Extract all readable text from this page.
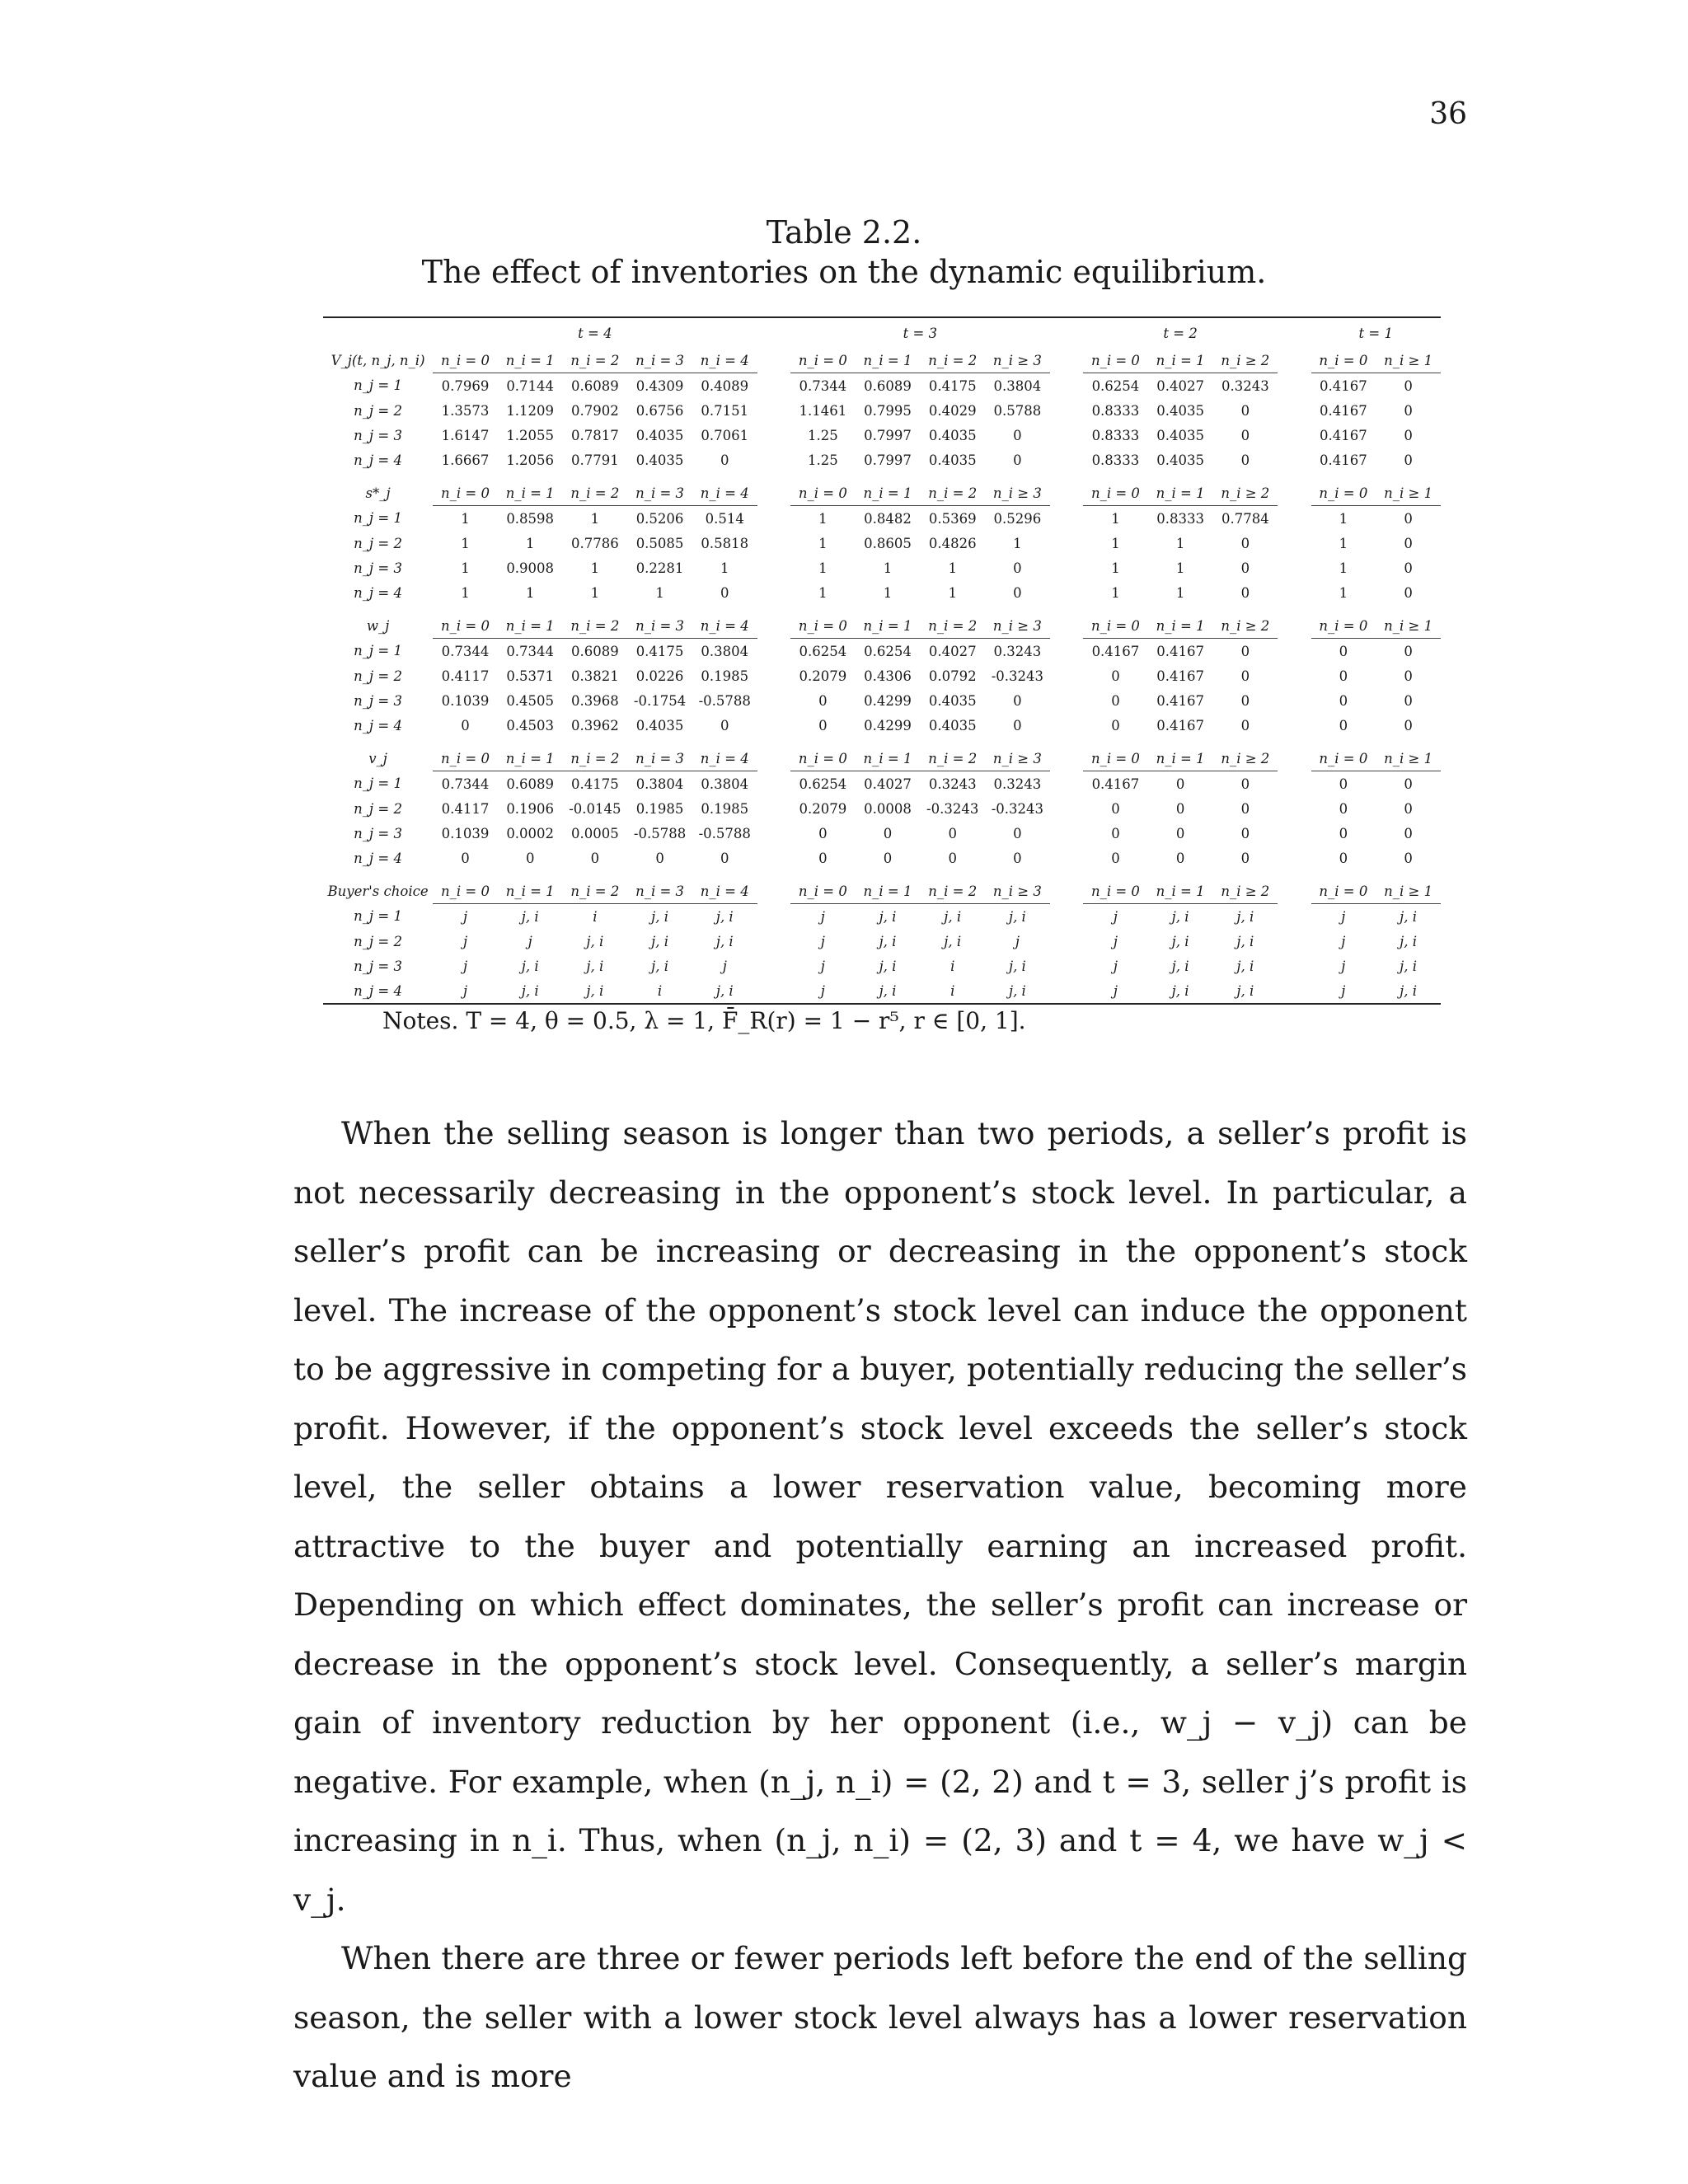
36
Table 2.2.
The effect of inventories on the dynamic equilibrium.
	t = 4						t = 3					t = 2				t = 1	
V_j(t, n_j, n_i)	n_i = 0	n_i = 1	n_i = 2	n_i = 3	n_i = 4		n_i = 0	n_i = 1	n_i = 2	n_i ≥ 3		n_i = 0	n_i = 1	n_i ≥ 2		n_i = 0	n_i ≥ 1
n_j = 1	0.7969	0.7144	0.6089	0.4309	0.4089		0.7344	0.6089	0.4175	0.3804		0.6254	0.4027	0.3243		0.4167	0
n_j = 2	1.3573	1.1209	0.7902	0.6756	0.7151		1.1461	0.7995	0.4029	0.5788		0.8333	0.4035	0		0.4167	0
n_j = 3	1.6147	1.2055	0.7817	0.4035	0.7061		1.25	0.7997	0.4035	0		0.8333	0.4035	0		0.4167	0
n_j = 4	1.6667	1.2056	0.7791	0.4035	0		1.25	0.7997	0.4035	0		0.8333	0.4035	0		0.4167	0

s*_j	n_i = 0	n_i = 1	n_i = 2	n_i = 3	n_i = 4		n_i = 0	n_i = 1	n_i = 2	n_i ≥ 3		n_i = 0	n_i = 1	n_i ≥ 2		n_i = 0	n_i ≥ 1
n_j = 1	1	0.8598	1	0.5206	0.514		1	0.8482	0.5369	0.5296		1	0.8333	0.7784		1	0
n_j = 2	1	1	0.7786	0.5085	0.5818		1	0.8605	0.4826	1		1	1	0		1	0
n_j = 3	1	0.9008	1	0.2281	1		1	1	1	0		1	1	0		1	0
n_j = 4	1	1	1	1	0		1	1	1	0		1	1	0		1	0

w_j	n_i = 0	n_i = 1	n_i = 2	n_i = 3	n_i = 4		n_i = 0	n_i = 1	n_i = 2	n_i ≥ 3		n_i = 0	n_i = 1	n_i ≥ 2		n_i = 0	n_i ≥ 1
n_j = 1	0.7344	0.7344	0.6089	0.4175	0.3804		0.6254	0.6254	0.4027	0.3243		0.4167	0.4167	0		0	0
n_j = 2	0.4117	0.5371	0.3821	0.0226	0.1985		0.2079	0.4306	0.0792	-0.3243		0	0.4167	0		0	0
n_j = 3	0.1039	0.4505	0.3968	-0.1754	-0.5788		0	0.4299	0.4035	0		0	0.4167	0		0	0
n_j = 4	0	0.4503	0.3962	0.4035	0		0	0.4299	0.4035	0		0	0.4167	0		0	0

v_j	n_i = 0	n_i = 1	n_i = 2	n_i = 3	n_i = 4		n_i = 0	n_i = 1	n_i = 2	n_i ≥ 3		n_i = 0	n_i = 1	n_i ≥ 2		n_i = 0	n_i ≥ 1
n_j = 1	0.7344	0.6089	0.4175	0.3804	0.3804		0.6254	0.4027	0.3243	0.3243		0.4167	0	0		0	0
n_j = 2	0.4117	0.1906	-0.0145	0.1985	0.1985		0.2079	0.0008	-0.3243	-0.3243		0	0	0		0	0
n_j = 3	0.1039	0.0002	0.0005	-0.5788	-0.5788		0	0	0	0		0	0	0		0	0
n_j = 4	0	0	0	0	0		0	0	0	0		0	0	0		0	0

Buyer's choice	n_i = 0	n_i = 1	n_i = 2	n_i = 3	n_i = 4		n_i = 0	n_i = 1	n_i = 2	n_i ≥ 3		n_i = 0	n_i = 1	n_i ≥ 2		n_i = 0	n_i ≥ 1
n_j = 1	j	j, i	i	j, i	j, i		j	j, i	j, i	j, i		j	j, i	j, i		j	j, i
n_j = 2	j	j	j, i	j, i	j, i		j	j, i	j, i	j		j	j, i	j, i		j	j, i
n_j = 3	j	j, i	j, i	j, i	j		j	j, i	i	j, i		j	j, i	j, i		j	j, i
n_j = 4	j	j, i	j, i	i	j, i		j	j, i	i	j, i		j	j, i	j, i		j	j, i
Notes. T = 4, θ = 0.5, λ = 1, F̄_R(r) = 1 − r⁵, r ∈ [0, 1].

When the selling season is longer than two periods, a seller’s profit is not necessarily decreasing in the opponent’s stock level. In particular, a seller’s profit can be increasing or decreasing in the opponent’s stock level. The increase of the opponent’s stock level can induce the opponent to be aggressive in competing for a buyer, potentially reducing the seller’s profit. However, if the opponent’s stock level exceeds the seller’s stock level, the seller obtains a lower reservation value, becoming more attractive to the buyer and potentially earning an increased profit. Depending on which effect dominates, the seller’s profit can increase or decrease in the opponent’s stock level. Consequently, a seller’s margin gain of inventory reduction by her opponent (i.e., w_j − v_j) can be negative. For example, when (n_j, n_i) = (2, 2) and t = 3, seller j’s profit is increasing in n_i. Thus, when (n_j, n_i) = (2, 3) and t = 4, we have w_j < v_j.

When there are three or fewer periods left before the end of the selling season, the seller with a lower stock level always has a lower reservation value and is more
